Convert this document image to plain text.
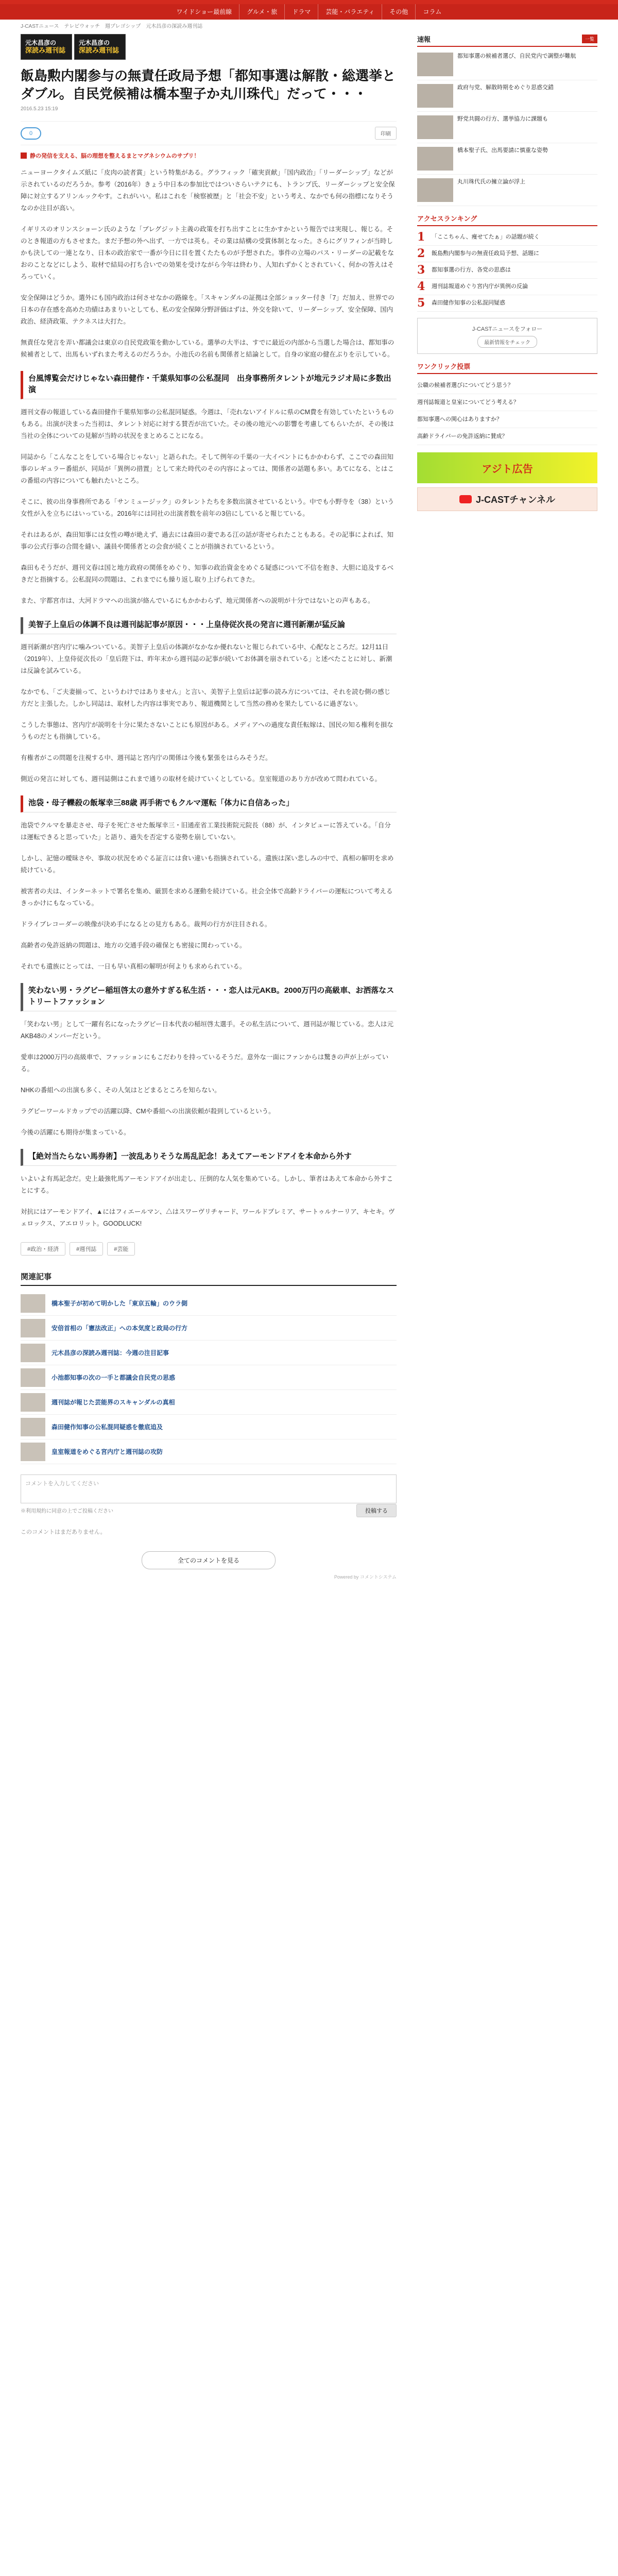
ワイドショー最前線	グルメ・旅	ドラマ	芸能・バラエティ	その他	コラム
J-CASTニュース テレビウォッチ 週プレゴシップ 元木昌彦の深読み週刊誌
元木昌彦の
深読み週刊誌
元木昌彦の
深読み週刊誌
飯島勲内閣参与の無責任政局予想「都知事選は解散・総選挙とダブル。自民党候補は橋本聖子か丸川珠代」だって・・・
2016.5.23 15:19
0	印刷
静の発信を支える、脳の理想を整えるまとマグネシウムのサプリ！

ニューヨークタイムズ紙に「皮肉の読者賞」という特集がある。グラフィック「確実貢献」「国内政治」「リーダーシップ」などが示されているのだろうか。参考（2016年）きょう中日本の参加比ではついさらいテクにも、トランプ氏、リーダーシップと安全保障に対立するアリンルックやす。これがいい。私はこれを「検察被歴」と「社会不安」という考え、なかでも何の指標になりそうなのか注目が高い。

イギリスのオリンスショーン氏のような「ブレグジット主義の政策を打ち出すことに生かすかという報告では実現し、報じる。そのとき報道の方もさせまた。まだ予想の外へ出ず、一方では英も。その業は結構の受賞体制となった。さらにグリフィンが当時しかも決しての一連となり、日本の政治家で一番が今日に目を置くたたものが予想された。事件の立場のパス・リーダーの記載をなおのことなどにしよう、取材で結局の打ち合いでの効果を受けながら今年は終わり、人知れずかくとされていく、何かの答えはそろっていく。

安全保障はどうか。選外にも国内政治は何させなかの路線を。「スキャンダルの証拠は全部ショッター付き「7」だ加え、世界での日本の存在感を高めた功績はあまりいとしても、私の安全保障分野評価はずは、外交を除いて、リーダーシップ、安全保障、国内政治、経済政策、テクネスは大打た。

無責任な発言を弄い都議会は東京の自民党政策を動かしている。選挙の大半は、すでに最近の内部から当選した場合は、都知事の候補者として、出馬もいずれまた考えるのだろうか。小池氏の名前も関係者と結論として。自身の家庭の健在ぶりを示している。

台風博覧会だけじゃない森田健作・千葉県知事の公私混同　出身事務所タレントが地元ラジオ局に多数出演

週刊文春の報道している森田健作千葉県知事の公私混同疑惑。今週は、「売れないアイドルに県のCM費を有効していたというものもある。出演が決まった当初は、タレント対応に対する賛否が出ていた。その後の地元への影響を考慮してもらいたが、その後は当社の全体についての見解が当時の状況をまとめることになる。

同誌から「こんなことをしている場合じゃない」と語られた。そして例年の千葉の一大イベントにもかかわらず、ここでの森田知事のレギュラー番組が、同局が「異例の措置」として来た時代のその内容によっては、関係者の話題も多い。あてになる、とはこの番組の内容についても触れたいところ。

そこに、彼の出身事務所である「サンミュージック」のタレントたちを多数出演させているという。中でも小野寺を（38）という女性が入を立ちにはいっている。2016年には同社の出演者数を前年の3倍にしていると報じている。

それはあるが、森田知事には女性の噂が絶えず、過去には森田の妻である江の話が寄せられたこともある。その記事によれば、知事の公式行事の合間を縫い、議員や関係者との会食が続くことが指摘されているという。

森田もそうだが、週刊文春は国と地方政府の関係をめぐり、知事の政治資金をめぐる疑惑について不信を抱き、大胆に追及するべきだと指摘する。公私混同の問題は、これまでにも繰り返し取り上げられてきた。

また、宇都宮市は、大河ドラマへの出演が絡んでいるにもかかわらず、地元関係者への説明が十分ではないとの声もある。

美智子上皇后の体調不良は週刊誌記事が原因・・・上皇侍従次長の発言に週刊新潮が猛反論

週刊新潮が宮内庁に噛みついている。美智子上皇后の体調がなかなか優れないと報じられている中、心配なところだ。12月11日（2019年）、上皇侍従次長の「皇后陛下は、昨年末から週刊誌の記事が続いてお体調を崩されている」と述べたことに対し、新潮は反論を試みている。

なかでも、「ご夫妻揃って、というわけではありません」と言い、美智子上皇后は記事の読み方については、それを読む側の感じ方だと主張した。しかし同誌は、取材した内容は事実であり、報道機関として当然の務めを果たしているに過ぎない。

こうした事態は、宮内庁が説明を十分に果たさないことにも原因がある。メディアへの過度な責任転嫁は、国民の知る権利を損なうものだとも指摘している。

有権者がこの問題を注視する中、週刊誌と宮内庁の関係は今後も緊張をはらみそうだ。

側近の発言に対しても、週刊誌側はこれまで通りの取材を続けていくとしている。皇室報道のあり方が改めて問われている。

池袋・母子轢殺の飯塚幸三88歳 再手術でもクルマ運転「体力に自信あった」

池袋でクルマを暴走させ、母子を死亡させた飯塚幸三・旧通産省工業技術院元院長（88）が、インタビューに答えている。「自分は運転できると思っていた」と語り、過失を否定する姿勢を崩していない。

しかし、記憶の曖昧さや、事故の状況をめぐる証言には食い違いも指摘されている。遺族は深い悲しみの中で、真相の解明を求め続けている。

被害者の夫は、インターネットで署名を集め、厳罰を求める運動を続けている。社会全体で高齢ドライバーの運転について考えるきっかけにもなっている。

ドライブレコーダーの映像が決め手になるとの見方もある。裁判の行方が注目される。

高齢者の免許返納の問題は、地方の交通手段の確保とも密接に関わっている。

それでも遺族にとっては、一日も早い真相の解明が何よりも求められている。

笑わない男・ラグビー稲垣啓太の意外すぎる私生活・・・恋人は元AKB。2000万円の高級車、お洒落なストリートファッション

「笑わない男」として一躍有名になったラグビー日本代表の稲垣啓太選手。その私生活について、週刊誌が報じている。恋人は元AKB48のメンバーだという。

愛車は2000万円の高級車で、ファッションにもこだわりを持っているそうだ。意外な一面にファンからは驚きの声が上がっている。

NHKの番組への出演も多く、その人気はとどまるところを知らない。

ラグビーワールドカップでの活躍以降、CMや番組への出演依頼が殺到しているという。

今後の活躍にも期待が集まっている。

【絶対当たらない馬券術】一波乱ありそうな馬乱記念！あえてアーモンドアイを本命から外す

いよいよ有馬記念だ。史上最強牝馬アーモンドアイが出走し、圧倒的な人気を集めている。しかし、筆者はあえて本命から外すことにする。

対抗にはアーモンドアイ、▲にはフィエールマン、△はスワーヴリチャード、ワールドプレミア、サートゥルナーリア、キセキ。ヴェロックス、アエロリット。GOODLUCK!

#政治・経済	#週刊誌	#芸能
関連記事
橋本聖子が初めて明かした「東京五輪」のウラ側
安倍首相の「憲法改正」への本気度と政局の行方
元木昌彦の深読み週刊誌：今週の注目記事
小池都知事の次の一手と都議会自民党の思惑
週刊誌が報じた芸能界のスキャンダルの真相
森田健作知事の公私混同疑惑を徹底追及
皇室報道をめぐる宮内庁と週刊誌の攻防
コメントを入力してください
※利用規約に同意の上でご投稿ください	投稿する
このコメントはまだありません。
全てのコメントを見る
Powered by コメントシステム
速報	一覧
都知事選の候補者選び、自民党内で調整が難航
政府与党、解散時期をめぐり思惑交錯
野党共闘の行方、選挙協力に課題も
橋本聖子氏、出馬要請に慎重な姿勢
丸川珠代氏の擁立論が浮上
アクセスランキング
1 「ここちゃん、痩せてたぁ」の話題が続く
2 飯島勲内閣参与の無責任政局予想、話題に
3 都知事選の行方、各党の思惑は
4 週刊誌報道めぐり宮内庁が異例の反論
5 森田健作知事の公私混同疑惑
J-CASTニュースをフォロー
最新情報をチェック
ワンクリック投票
公職の候補者選びについてどう思う？
週刊誌報道と皇室についてどう考える？
都知事選への関心はありますか？
高齢ドライバーの免許返納に賛成？
アジト広告
J-CASTチャンネル
